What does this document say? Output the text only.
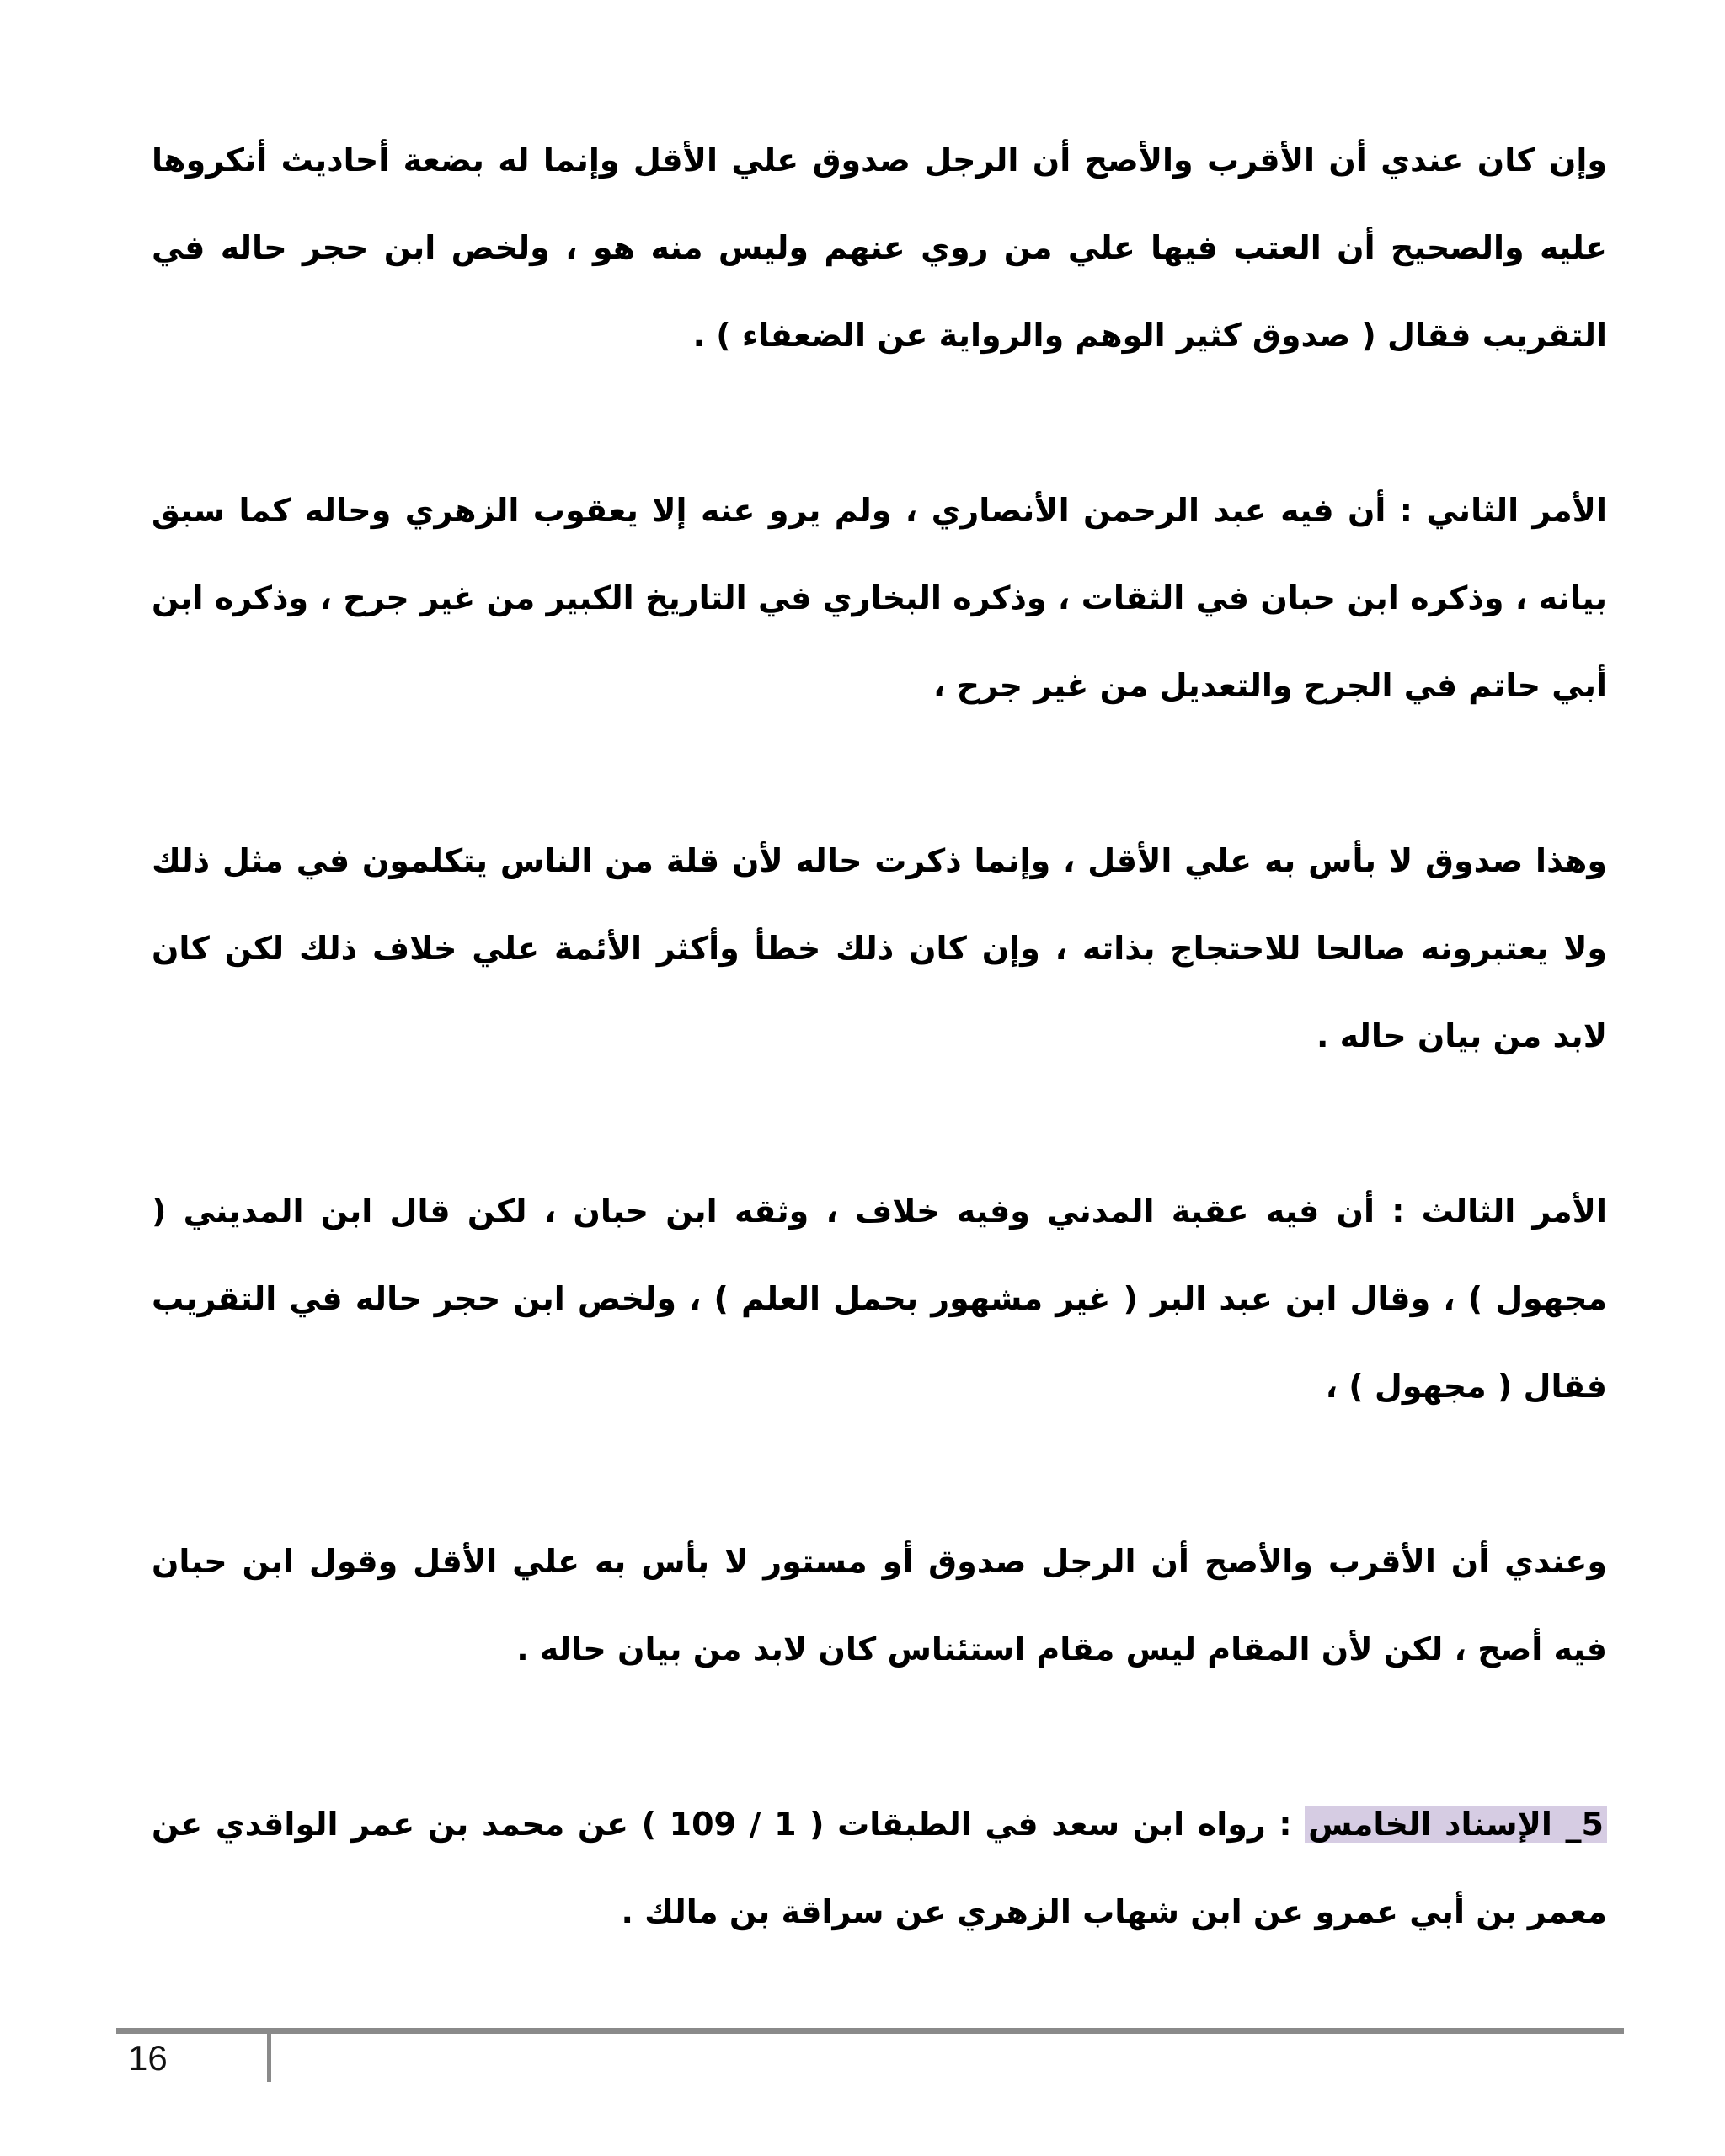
وإن كان عندي أن الأقرب والأصح أن الرجل صدوق علي الأقل وإنما له بضعة أحاديث أنكروها عليه والصحيح أن العتب فيها علي من روي عنهم وليس منه هو ، ولخص ابن حجر حاله في التقريب فقال ( صدوق كثير الوهم والرواية عن الضعفاء ) .

الأمر الثاني : أن فيه عبد الرحمن الأنصاري ، ولم يرو عنه إلا يعقوب الزهري وحاله كما سبق بيانه ، وذكره ابن حبان في الثقات ، وذكره البخاري في التاريخ الكبير من غير جرح ، وذكره ابن أبي حاتم في الجرح والتعديل من غير جرح ،

وهذا صدوق لا بأس به علي الأقل ، وإنما ذكرت حاله لأن قلة من الناس يتكلمون في مثل ذلك ولا يعتبرونه صالحا للاحتجاج بذاته ، وإن كان ذلك خطأ وأكثر الأئمة علي خلاف ذلك لكن كان لابد من بيان حاله .

الأمر الثالث : أن فيه عقبة المدني وفيه خلاف ، وثقه ابن حبان ، لكن قال ابن المديني ( مجهول ) ، وقال ابن عبد البر ( غير مشهور بحمل العلم ) ، ولخص ابن حجر حاله في التقريب فقال ( مجهول ) ،

وعندي أن الأقرب والأصح أن الرجل صدوق أو مستور لا بأس به علي الأقل وقول ابن حبان فيه أصح ، لكن لأن المقام ليس مقام استئناس كان لابد من بيان حاله .

5_ الإسناد الخامس : رواه ابن سعد في الطبقات ( 1 / 109 ) عن محمد بن عمر الواقدي عن معمر بن أبي عمرو عن ابن شهاب الزهري عن سراقة بن مالك .

16
